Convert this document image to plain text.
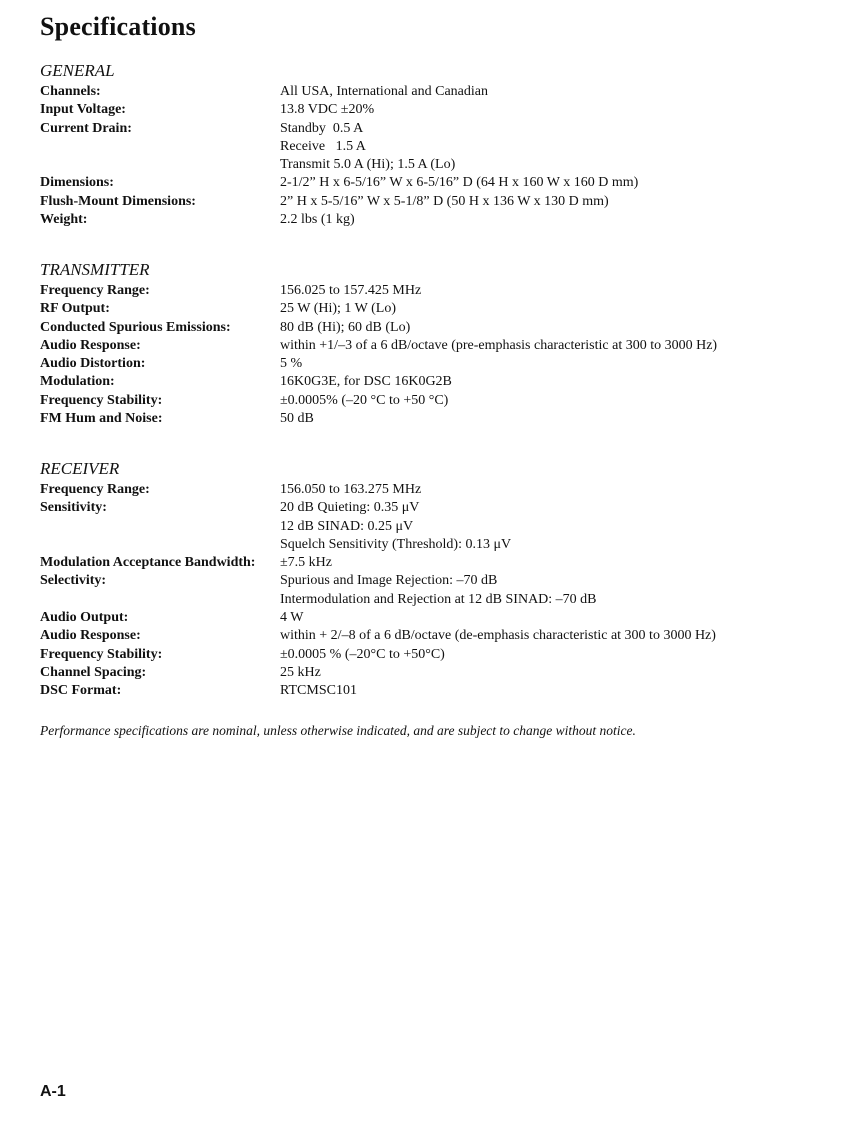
Specifications
GENERAL
Channels:	All USA, International and Canadian
Input Voltage:	13.8 VDC ±20%
Current Drain:	Standby  0.5 A
Receive   1.5 A
Transmit 5.0 A (Hi); 1.5 A (Lo)
Dimensions:	2-1/2” H x 6-5/16” W x 6-5/16” D (64 H x 160 W x 160 D mm)
Flush-Mount Dimensions:	2” H x 5-5/16” W x 5-1/8” D (50 H x 136 W x 130 D mm)
Weight:	2.2 lbs (1 kg)
TRANSMITTER
Frequency Range:	156.025 to 157.425 MHz
RF Output:	25 W (Hi); 1 W (Lo)
Conducted Spurious Emissions:	80 dB (Hi); 60 dB (Lo)
Audio Response:	within +1/–3 of a 6 dB/octave (pre-emphasis characteristic at 300 to 3000 Hz)
Audio Distortion:	5 %
Modulation:	16K0G3E, for DSC 16K0G2B
Frequency Stability:	±0.0005% (–20 °C to +50 °C)
FM Hum and Noise:	50 dB
RECEIVER
Frequency Range:	156.050 to 163.275 MHz
Sensitivity:	20 dB Quieting: 0.35 μV
12 dB SINAD: 0.25 μV
Squelch Sensitivity (Threshold): 0.13 μV
Modulation Acceptance Bandwidth:	±7.5 kHz
Selectivity:	Spurious and Image Rejection: –70 dB
Intermodulation and Rejection at 12 dB SINAD: –70 dB
Audio Output:	4 W
Audio Response:	within + 2/–8 of a 6 dB/octave (de-emphasis characteristic at 300 to 3000 Hz)
Frequency Stability:	±0.0005 % (–20°C to +50°C)
Channel Spacing:	25 kHz
DSC Format:	RTCMSC101
Performance specifications are nominal, unless otherwise indicated, and are subject to change without notice.
A-1
